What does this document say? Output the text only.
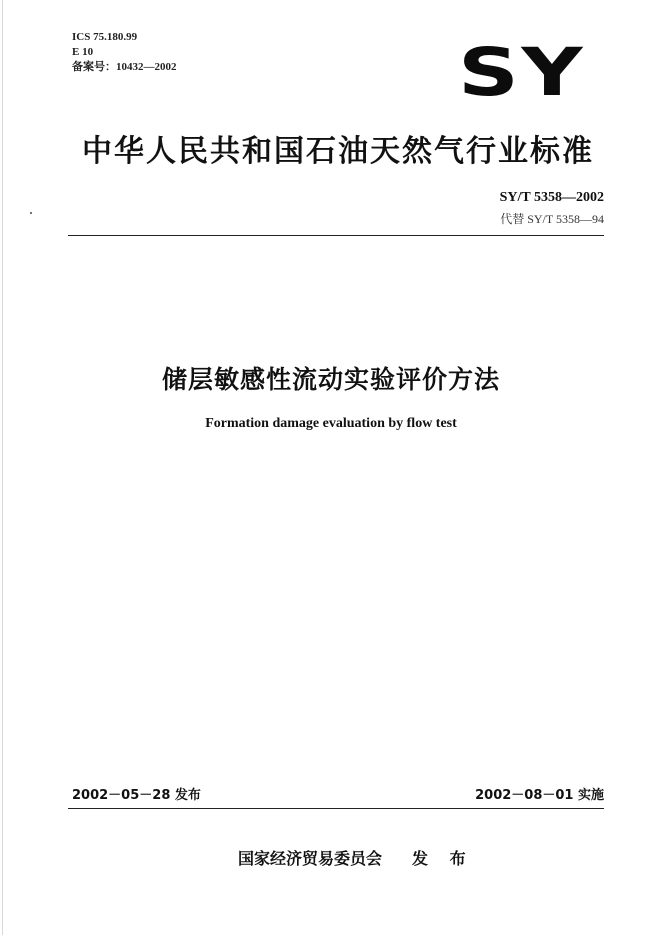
ICS 75.180.99
E 10
备案号：10432—2002	SY
中华人民共和国石油天然气行业标准
SY/T 5358—2002
代替 SY/T 5358—94
储层敏感性流动实验评价方法
Formation damage evaluation by flow test
2002－05－28 发布	2002－08－01 实施
国家经济贸易委员会 发 布
